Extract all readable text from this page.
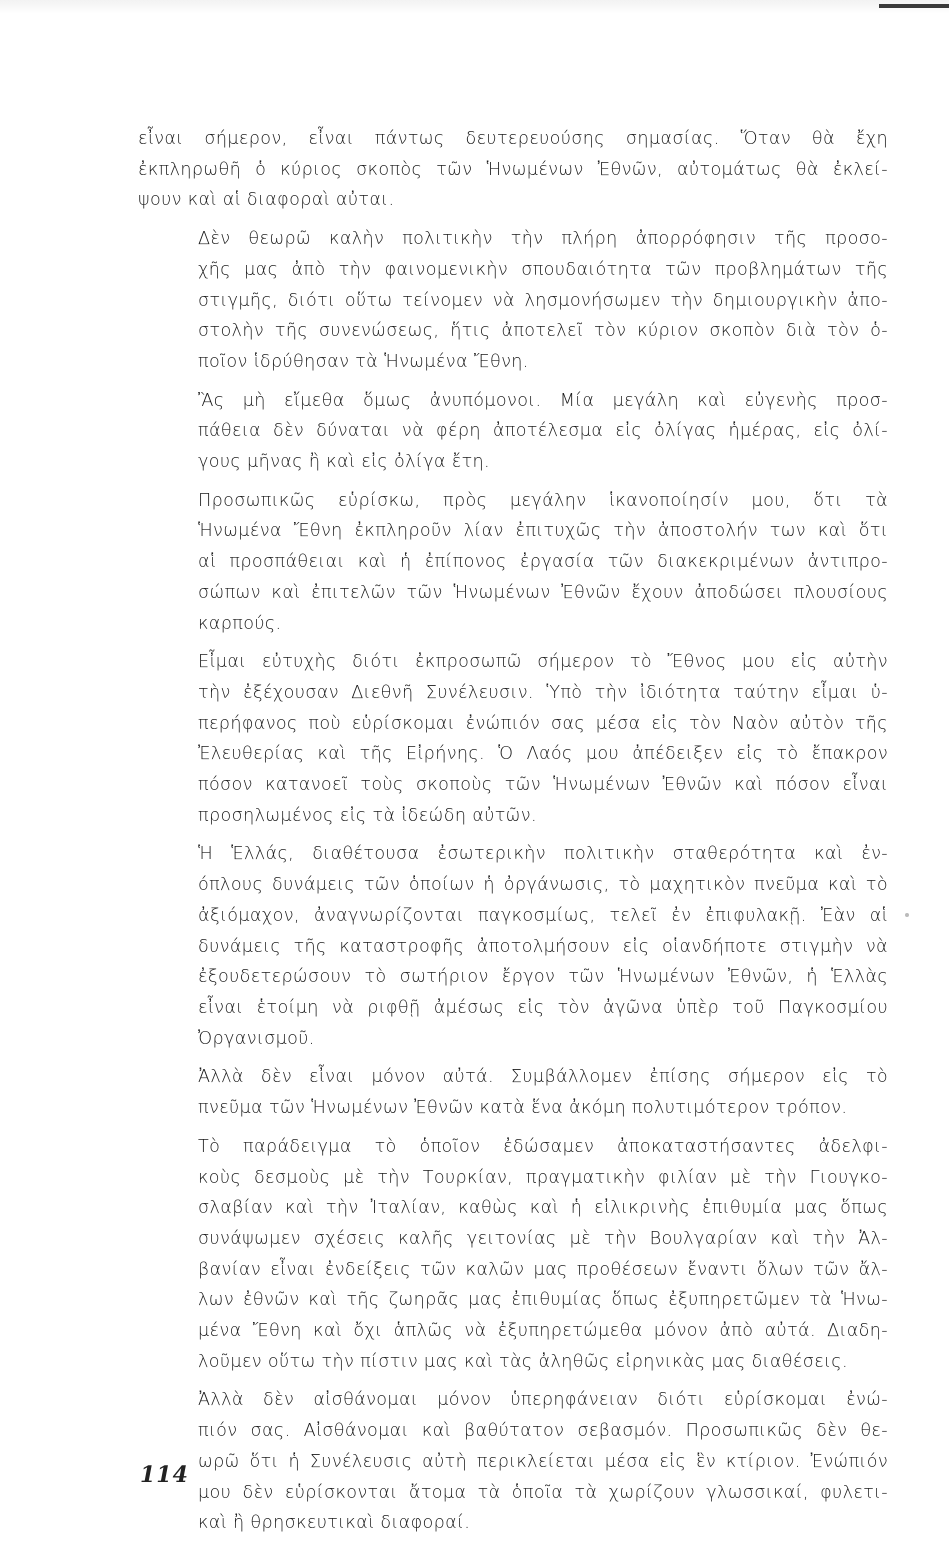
εἶναι σήμερον, εἶναι πάντως δευτερευούσης σημασίας. Ὅταν θὰ ἔχη
ἐκπληρωθῆ ὁ κύριος σκοπὸς τῶν Ἡνωμένων Ἐθνῶν, αὐτομάτως θὰ ἐκλεί-
ψουν καὶ αἱ διαφοραὶ αὐται.

Δὲν θεωρῶ καλὴν πολιτικὴν τὴν πλήρη ἀπορρόφησιν τῆς προσο-
χῆς μας ἀπὸ τὴν φαινομενικὴν σπουδαιότητα τῶν προβλημάτων τῆς
στιγμῆς, διότι οὕτω τείνομεν νὰ λησμονήσωμεν τὴν δημιουργικὴν ἀπο-
στολὴν τῆς συνενώσεως, ἥτις ἀποτελεῖ τὸν κύριον σκοπὸν διὰ τὸν ὁ-
ποῖον ἱδρύθησαν τὰ Ἡνωμένα Ἔθνη.

Ἂς μὴ εἴμεθα ὅμως ἀνυπόμονοι. Μία μεγάλη καὶ εὐγενὴς προσ-
πάθεια δὲν δύναται νὰ φέρη ἀποτέλεσμα εἰς ὀλίγας ἡμέρας, εἰς ὀλί-
γους μῆνας ἢ καὶ εἰς ὀλίγα ἔτη.

Προσωπικῶς εὑρίσκω, πρὸς μεγάλην ἱκανοποίησίν μου, ὅτι τὰ
Ἡνωμένα Ἔθνη ἐκπληροῦν λίαν ἐπιτυχῶς τὴν ἀποστολήν των καὶ ὅτι
αἱ προσπάθειαι καὶ ἡ ἐπίπονος ἐργασία τῶν διακεκριμένων ἀντιπρο-
σώπων καὶ ἐπιτελῶν τῶν Ἡνωμένων Ἐθνῶν ἔχουν ἀποδώσει πλουσίους
καρπούς.

Εἶμαι εὐτυχὴς διότι ἐκπροσωπῶ σήμερον τὸ Ἔθνος μου εἰς αὐτὴν
τὴν ἐξέχουσαν Διεθνῆ Συνέλευσιν. Ὑπὸ τὴν ἰδιότητα ταύτην εἶμαι ὑ-
περήφανος ποὺ εὑρίσκομαι ἐνώπιόν σας μέσα εἰς τὸν Ναὸν αὐτὸν τῆς
Ἐλευθερίας καὶ τῆς Εἰρήνης. Ὁ Λαός μου ἀπέδειξεν εἰς τὸ ἔπακρον
πόσον κατανοεῖ τοὺς σκοποὺς τῶν Ἡνωμένων Ἐθνῶν καὶ πόσον εἶναι
προσηλωμένος εἰς τὰ ἰδεώδη αὐτῶν.

Ἡ Ἑλλάς, διαθέτουσα ἐσωτερικὴν πολιτικὴν σταθερότητα καὶ ἐν-
όπλους δυνάμεις τῶν ὁποίων ἡ ὀργάνωσις, τὸ μαχητικὸν πνεῦμα καὶ τὸ
ἀξιόμαχον, ἀναγνωρίζονται παγκοσμίως, τελεῖ ἐν ἐπιφυλακῇ. Ἐὰν αἱ
δυνάμεις τῆς καταστροφῆς ἀποτολμήσουν εἰς οἱανδήποτε στιγμὴν νὰ
ἐξουδετερώσουν τὸ σωτήριον ἔργον τῶν Ἡνωμένων Ἐθνῶν, ἡ Ἑλλὰς
εἶναι ἑτοίμη νὰ ριφθῇ ἀμέσως εἰς τὸν ἀγῶνα ὑπὲρ τοῦ Παγκοσμίου
Ὀργανισμοῦ.

Ἀλλὰ δὲν εἶναι μόνον αὐτά. Συμβάλλομεν ἐπίσης σήμερον εἰς τὸ
πνεῦμα τῶν Ἡνωμένων Ἐθνῶν κατὰ ἕνα ἀκόμη πολυτιμότερον τρόπον.

Τὸ παράδειγμα τὸ ὁποῖον ἐδώσαμεν ἀποκαταστήσαντες ἀδελφι-
κοὺς δεσμοὺς μὲ τὴν Τουρκίαν, πραγματικὴν φιλίαν μὲ τὴν Γιουγκο-
σλαβίαν καὶ τὴν Ἰταλίαν, καθὼς καὶ ἡ εἰλικρινὴς ἐπιθυμία μας ὅπως
συνάψωμεν σχέσεις καλῆς γειτονίας μὲ τὴν Βουλγαρίαν καὶ τὴν Ἀλ-
βανίαν εἶναι ἐνδείξεις τῶν καλῶν μας προθέσεων ἔναντι ὅλων τῶν ἄλ-
λων ἐθνῶν καὶ τῆς ζωηρᾶς μας ἐπιθυμίας ὅπως ἐξυπηρετῶμεν τὰ Ἡνω-
μένα Ἔθνη καὶ ὄχι ἁπλῶς νὰ ἐξυπηρετώμεθα μόνον ἀπὸ αὐτά. Διαδη-
λοῦμεν οὕτω τὴν πίστιν μας καὶ τὰς ἀληθῶς εἰρηνικὰς μας διαθέσεις.

Ἀλλὰ δὲν αἰσθάνομαι μόνον ὑπερηφάνειαν διότι εὑρίσκομαι ἐνώ-
πιόν σας. Αἰσθάνομαι καὶ βαθύτατον σεβασμόν. Προσωπικῶς δὲν θε-
ωρῶ ὅτι ἡ Συνέλευσις αὐτὴ περικλείεται μέσα εἰς ἓν κτίριον. Ἐνώπιόν
μου δὲν εὑρίσκονται ἄτομα τὰ ὁποῖα τὰ χωρίζουν γλωσσικαί, φυλετι-
καὶ ἢ θρησκευτικαὶ διαφοραί.

114
